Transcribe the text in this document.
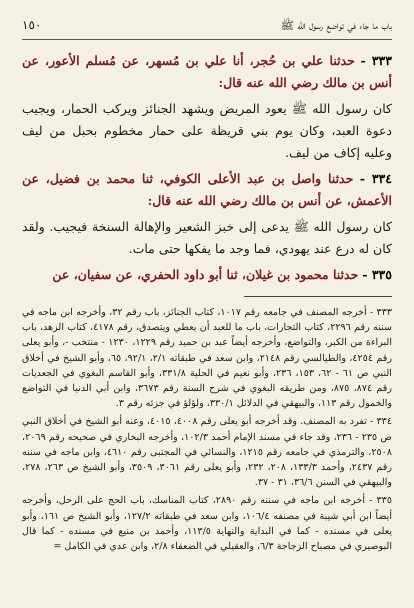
باب ما جاء في تواضع رسول الله ﷺ
١٥٠

٣٣٣ - حدثنا علي بن حُجر، أنا علي بن مُسهر، عن مُسلم الأعور، عن أنس بن مالك رضي الله عنه قال:

كان رسول الله ﷺ يعود المريض ويشهد الجنائز ويركب الحمار، ويجيب دعوة العبد، وكان يوم بني قريظة على حمار مخطوم بحبل من ليف وعليه إكاف من ليف.

٣٣٤ - حدثنا واصل بن عبد الأعلى الكوفي، ثنا محمد بن فضيل، عن الأعمش، عن أنس بن مالك رضي الله عنه قال:

كان رسول الله ﷺ يدعى إلى خبز الشعير والإهالة السنخة فيجيب. ولقد كان له درع عند يهودي، فما وجد ما يفكها حتى مات.

٣٣٥ - حدثنا محمود بن غيلان، ثنا أبو داود الحفري، عن سفيان، عن

٣٣٣ - أخرجه المصنف في جامعه رقم ١٠١٧، كتاب الجنائز، باب رقم ٣٢، وأخرجه ابن ماجه في سننه رقم ٢٢٩٦، كتاب التجارات، باب ما للعبد أن يعطي ويتصدق، رقم ٤١٧٨، كتاب الزهد، باب البراءة من الكبر، والتواضع، وأخرجه أيضاً عبد بن حميد رقم ١٢٢٩، ١٢٣٠ - منتخب -، وأبو يعلى رقم ٤٢٥٤، والطيالسي رقم ٢١٤٨، وابن سعد في طبقاته ٢/١، ٩٢/١، ٦٥، وأبو الشيخ في أخلاق النبي ص ٦١ - ٦٢، ١٥٣، ٢٣٦، وأبو نعيم في الحلية ٣٣١/٨، وأبو القاسم البغوي في الجعديات رقم ٨٧٤، ٨٧٥، ومن طريقه البغوي في شرح السنة رقم ٣٦٧٣، وابن أبي الدنيا في التواضع والخمول رقم ١١٣، والبيهقي في الدلائل ٣٣٠/١، ولؤلؤ في جزئه رقم ٣.

٣٣٤ - تفرد به المصنف. وقد أخرجه أبو يعلى رقم ٤٠٠٨، ٤٠١٥، وعنه أبو الشيخ في أخلاق النبي ص ٢٣٥ - ٢٣٦، وقد جاء في مسند الإمام أحمد ١٠٢/٣، وأخرجه البخاري في صحيحه رقم ٢٠٦٩، ٢٥٠٨، والترمذي في جامعه رقم ١٢١٥، والنسائي في المجتبى رقم ٤٦١٠، وابن ماجه في سننه رقم ٢٤٣٧، وأحمد ١٣٣/٣، ٢٠٨، ٢٣٢، وأبو يعلى رقم ٣٠٦١، ٣٥٠٩، وأبو الشيخ ص ٢٦٣، ٢٧٨، والبيهقي في السنن ٣٦/٦، ٣١ - ٣٧.

٣٣٥ - أخرجه ابن ماجه في سننه رقم ٢٨٩٠، كتاب المناسك، باب الحج على الرحل، وأخرجه أيضاً ابن أبي شيبة في مصنفه ١٠٦/٤، وابن سعد في طبقاته ١٢٧/٢، وأبو الشيخ ص ١٦١، وأبو يعلى في مسنده - كما في البداية والنهاية ١١٣/٥، وأحمد بن منيع في مسنده - كما قال البوصيري في مصباح الزجاجة ٦/٣، والعقيلي في الضعفاء ٢/٨، وابن عدي في الكامل =
